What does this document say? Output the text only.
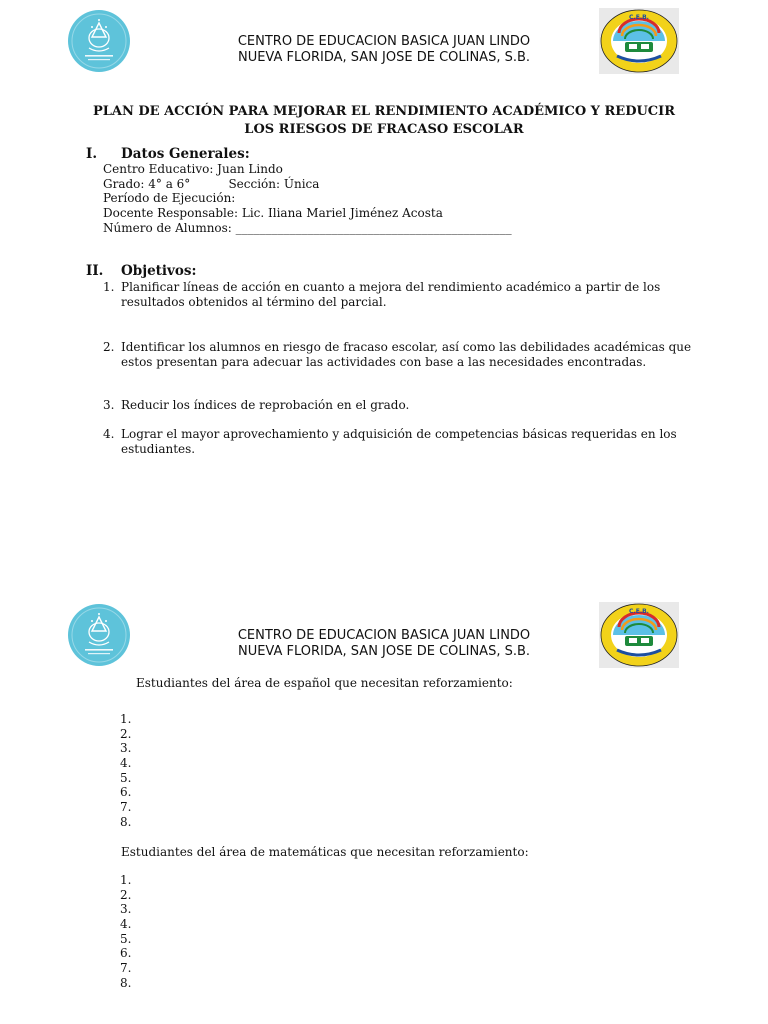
CENTRO DE EDUCACION BASICA JUAN LINDO
NUEVA FLORIDA, SAN JOSE DE COLINAS, S.B.
C.E.B.
PLAN DE ACCIÓN PARA MEJORAR EL RENDIMIENTO ACADÉMICO Y REDUCIR
LOS RIESGOS DE FRACASO ESCOLAR
I. Datos Generales:
Centro Educativo: Juan Lindo
Grado: 4° a 6°          Sección: Única
Período de Ejecución:
Docente Responsable: Lic. Iliana Mariel Jiménez Acosta
Número de Alumnos: ______________________________________________
II. Objetivos:
1. Planificar líneas de acción en cuanto a mejora del rendimiento académico a partir de los resultados obtenidos al término del parcial.
2. Identificar los alumnos en riesgo de fracaso escolar, así como las debilidades académicas que estos presentan para adecuar las actividades con base a las necesidades encontradas.
3. Reducir los índices de reprobación en el grado.
4. Lograr el mayor aprovechamiento y adquisición de competencias básicas requeridas en los estudiantes.
CENTRO DE EDUCACION BASICA JUAN LINDO
NUEVA FLORIDA, SAN JOSE DE COLINAS, S.B.
C.E.B.
Estudiantes del área de español que necesitan reforzamiento:
1.
2.
3.
4.
5.
6.
7.
8.
Estudiantes del área de matemáticas que necesitan reforzamiento:
1.
2.
3.
4.
5.
6.
7.
8.
